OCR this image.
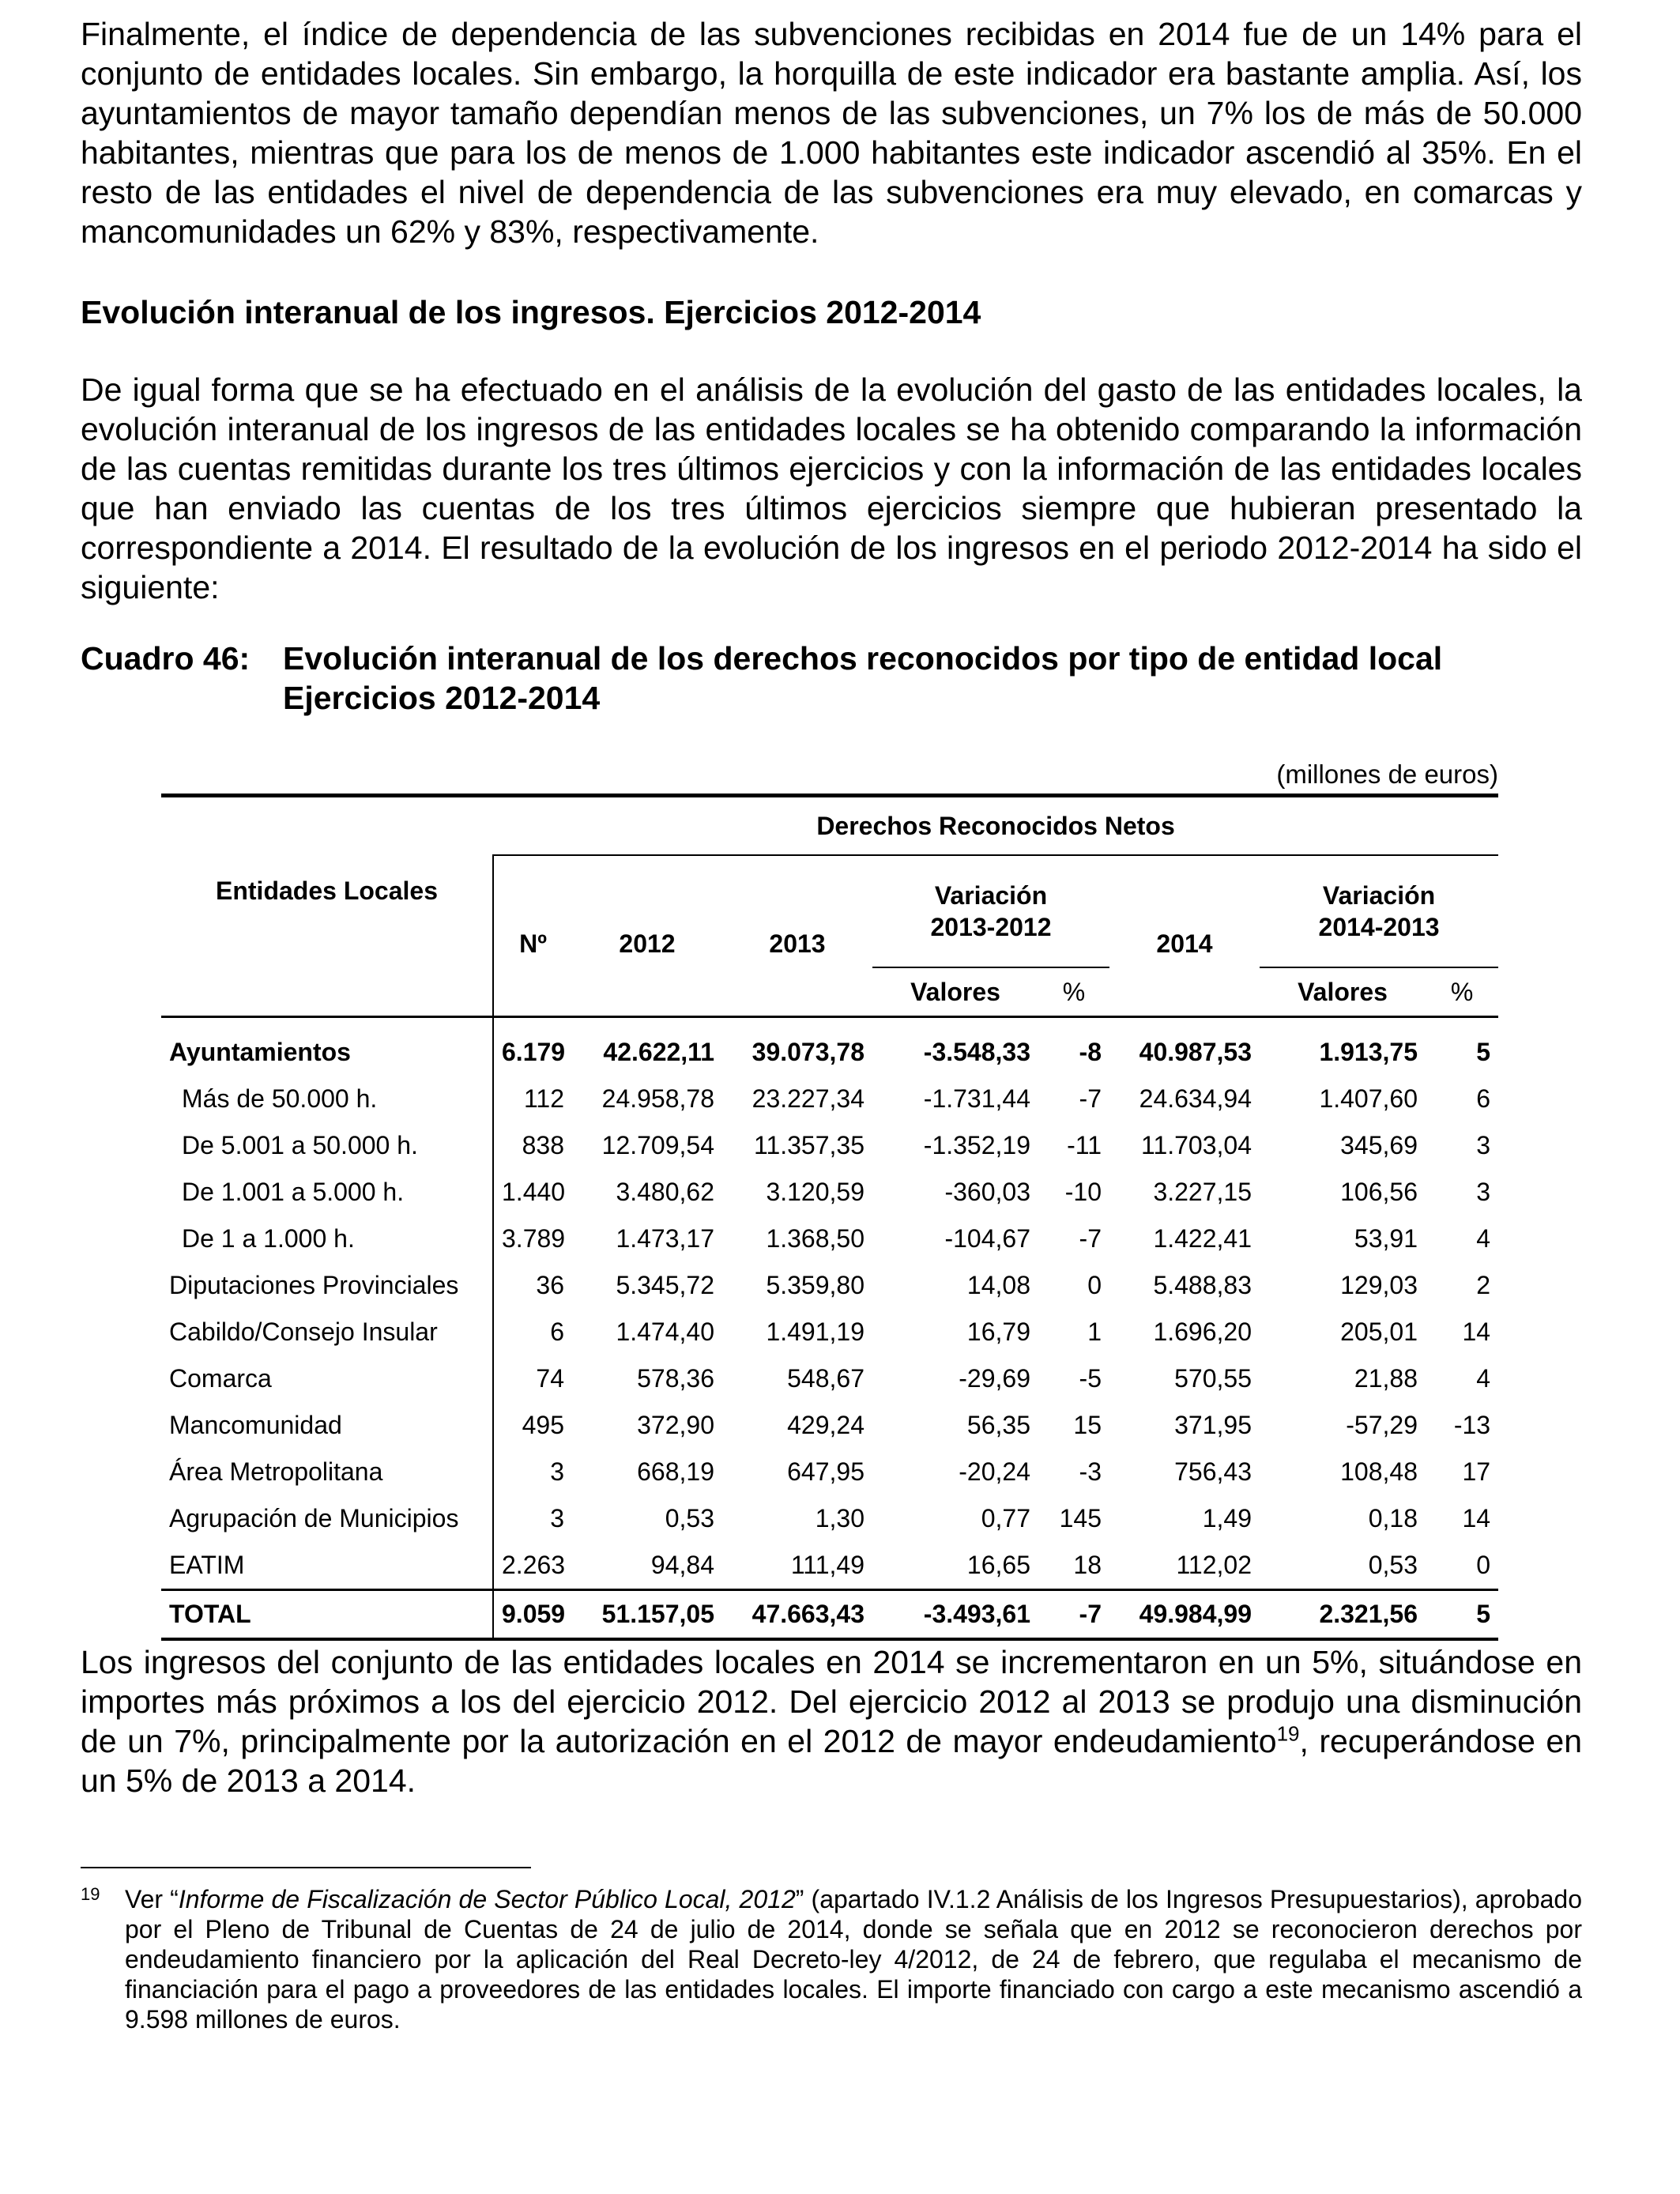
Finalmente, el índice de dependencia de las subvenciones recibidas en 2014 fue de un 14% para el conjunto de entidades locales. Sin embargo, la horquilla de este indicador era bastante amplia. Así, los ayuntamientos de mayor tamaño dependían menos de las subvenciones, un 7% los de más de 50.000 habitantes, mientras que para los de menos de 1.000 habitantes este indicador ascendió al 35%. En el resto de las entidades el nivel de dependencia de las subvenciones era muy elevado, en comarcas y mancomunidades un 62% y 83%, respectivamente.
Evolución interanual de los ingresos. Ejercicios 2012-2014
De igual forma que se ha efectuado en el análisis de la evolución del gasto de las entidades locales, la evolución interanual de los ingresos de las entidades locales se ha obtenido comparando la información de las cuentas remitidas durante los tres últimos ejercicios y con la información de las entidades locales que han enviado las cuentas de los tres últimos ejercicios siempre que hubieran presentado la correspondiente a 2014. El resultado de la evolución de los ingresos en el periodo 2012-2014 ha sido el siguiente:
Cuadro 46: Evolución interanual de los derechos reconocidos por tipo de entidad local
Ejercicios 2012-2014
(millones de euros)
Entidades Locales	Derechos Reconocidos Netos							
	Nº	2012	2013	Variación 2013-2012		2014	Variación 2014-2013	
				Valores	%		Valores	%
Ayuntamientos	6.179	42.622,11	39.073,78	-3.548,33	-8	40.987,53	1.913,75	5
Más de 50.000 h.	112	24.958,78	23.227,34	-1.731,44	-7	24.634,94	1.407,60	6
De 5.001 a 50.000 h.	838	12.709,54	11.357,35	-1.352,19	-11	11.703,04	345,69	3
De 1.001 a 5.000 h.	1.440	3.480,62	3.120,59	-360,03	-10	3.227,15	106,56	3
De 1 a 1.000 h.	3.789	1.473,17	1.368,50	-104,67	-7	1.422,41	53,91	4
Diputaciones Provinciales	36	5.345,72	5.359,80	14,08	0	5.488,83	129,03	2
Cabildo/Consejo Insular	6	1.474,40	1.491,19	16,79	1	1.696,20	205,01	14
Comarca	74	578,36	548,67	-29,69	-5	570,55	21,88	4
Mancomunidad	495	372,90	429,24	56,35	15	371,95	-57,29	-13
Área Metropolitana	3	668,19	647,95	-20,24	-3	756,43	108,48	17
Agrupación de Municipios	3	0,53	1,30	0,77	145	1,49	0,18	14
EATIM	2.263	94,84	111,49	16,65	18	112,02	0,53	0
TOTAL	9.059	51.157,05	47.663,43	-3.493,61	-7	49.984,99	2.321,56	5
Los ingresos del conjunto de las entidades locales en 2014 se incrementaron en un 5%, situándose en importes más próximos a los del ejercicio 2012. Del ejercicio 2012 al 2013 se produjo una disminución de un 7%, principalmente por la autorización en el 2012 de mayor endeudamiento$^{19}$, recuperándose en un 5% de 2013 a 2014.
19 Ver “Informe de Fiscalización de Sector Público Local, 2012” (apartado IV.1.2 Análisis de los Ingresos Presupuestarios), aprobado por el Pleno de Tribunal de Cuentas de 24 de julio de 2014, donde se señala que en 2012 se reconocieron derechos por endeudamiento financiero por la aplicación del Real Decreto-ley 4/2012, de 24 de febrero, que regulaba el mecanismo de financiación para el pago a proveedores de las entidades locales. El importe financiado con cargo a este mecanismo ascendió a 9.598 millones de euros.
